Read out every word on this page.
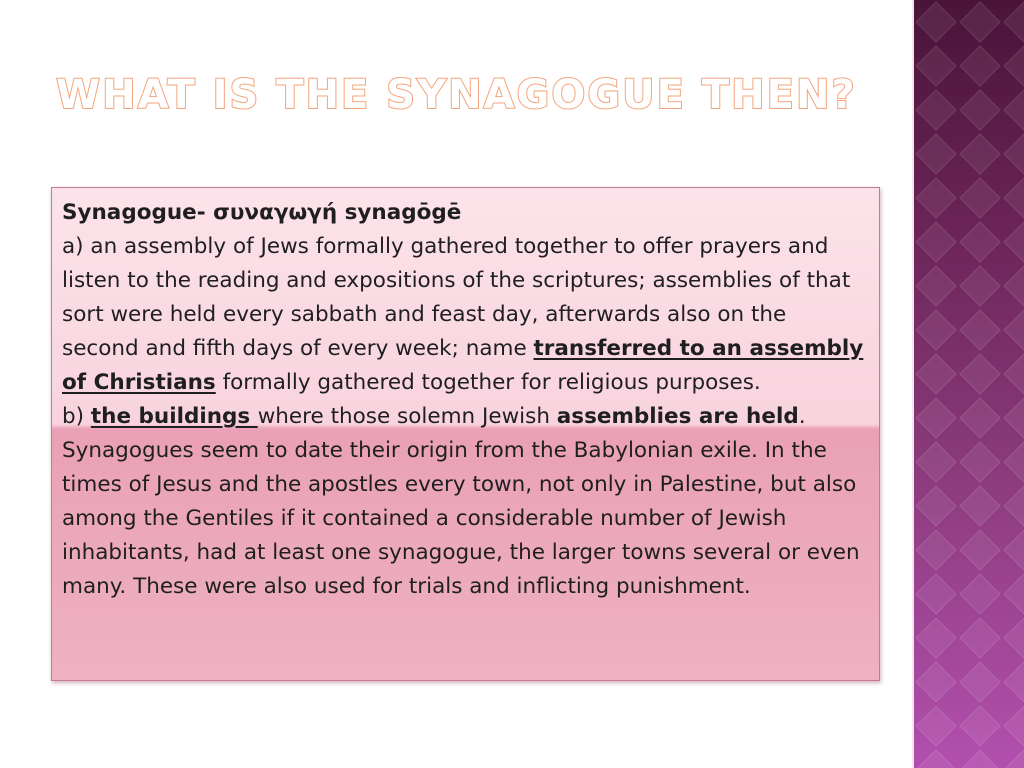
WHAT IS THE SYNAGOGUE THEN?

Synagogue- συναγωγή synagōgē

a) an assembly of Jews formally gathered together to offer prayers and listen to the reading and expositions of the scriptures; assemblies of that sort were held every sabbath and feast day, afterwards also on the second and fifth days of every week; name transferred to an assembly of Christians formally gathered together for religious purposes.

b) the buildings where those solemn Jewish assemblies are held. Synagogues seem to date their origin from the Babylonian exile. In the times of Jesus and the apostles every town, not only in Palestine, but also among the Gentiles if it contained a considerable number of Jewish inhabitants, had at least one synagogue, the larger towns several or even many. These were also used for trials and inflicting punishment.
